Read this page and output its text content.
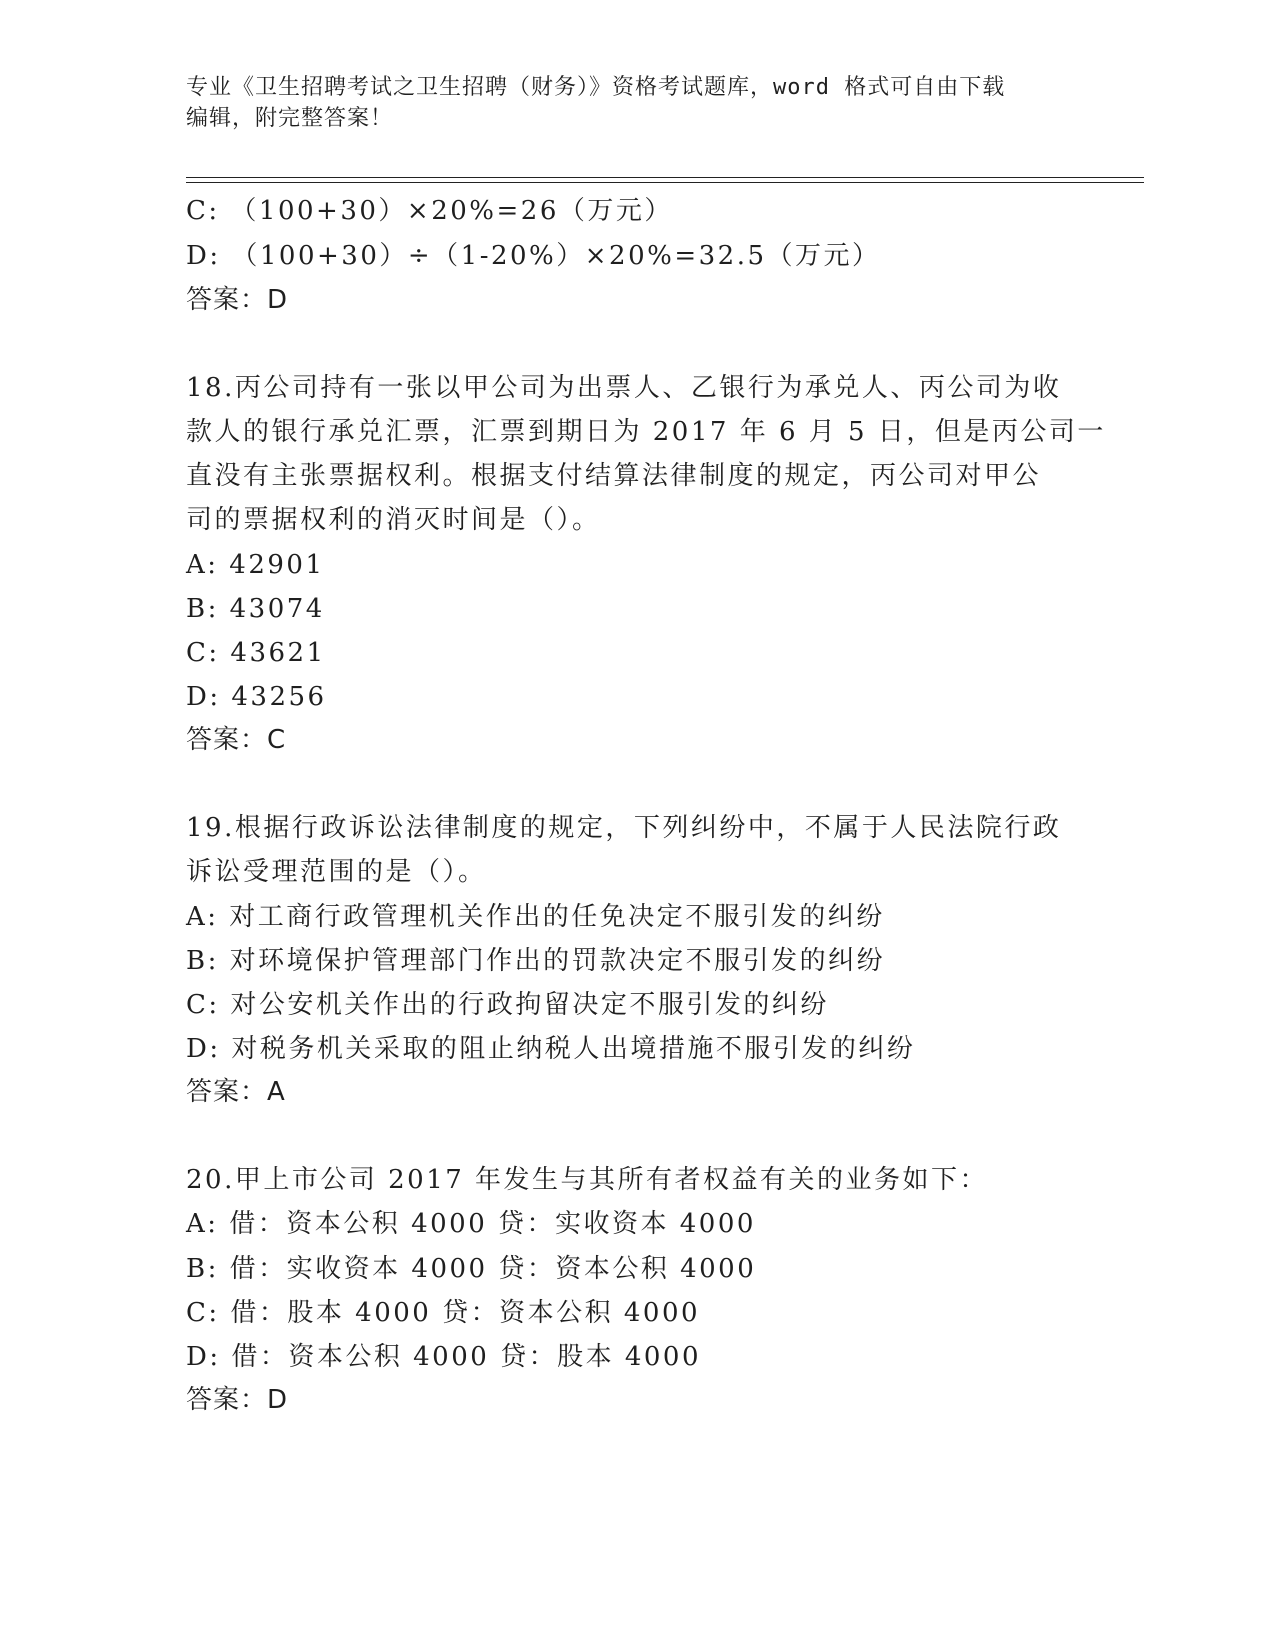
专业《卫生招聘考试之卫生招聘（财务）》资格考试题库，word 格式可自由下载
编辑，附完整答案！
C: （100+30）×20%=26（万元）
D: （100+30）÷（1-20%）×20%=32.5（万元）
答案：D
18.丙公司持有一张以甲公司为出票人、乙银行为承兑人、丙公司为收
款人的银行承兑汇票，汇票到期日为 2017 年 6 月 5 日，但是丙公司一
直没有主张票据权利。根据支付结算法律制度的规定，丙公司对甲公
司的票据权利的消灭时间是（）。
A: 42901
B: 43074
C: 43621
D: 43256
答案：C
19.根据行政诉讼法律制度的规定，下列纠纷中，不属于人民法院行政
诉讼受理范围的是（）。
A: 对工商行政管理机关作出的任免决定不服引发的纠纷
B: 对环境保护管理部门作出的罚款决定不服引发的纠纷
C: 对公安机关作出的行政拘留决定不服引发的纠纷
D: 对税务机关采取的阻止纳税人出境措施不服引发的纠纷
答案：A
20.甲上市公司 2017 年发生与其所有者权益有关的业务如下：
A: 借：资本公积 4000 贷：实收资本 4000
B: 借：实收资本 4000 贷：资本公积 4000
C: 借：股本 4000 贷：资本公积 4000
D: 借：资本公积 4000 贷：股本 4000
答案：D
